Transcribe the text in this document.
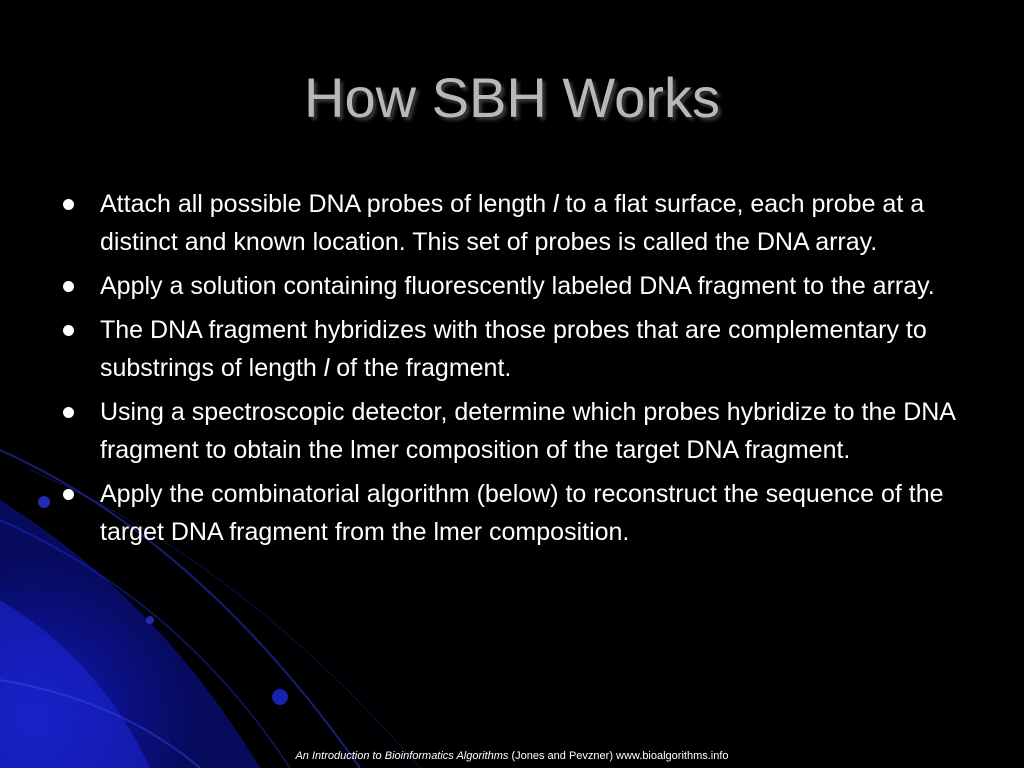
How SBH Works
Attach all possible DNA probes of length l to a flat surface, each probe at a distinct and known location. This set of probes is called the DNA array.
Apply a solution containing fluorescently labeled DNA fragment to the array.
The DNA fragment hybridizes with those probes that are complementary to substrings of length l of the fragment.
Using a spectroscopic detector, determine which probes hybridize to the DNA fragment to obtain the lmer composition of the target DNA fragment.
Apply the combinatorial algorithm (below) to reconstruct the sequence of the target DNA fragment from the lmer composition.
An Introduction to Bioinformatics Algorithms (Jones and Pevzner) www.bioalgorithms.info
